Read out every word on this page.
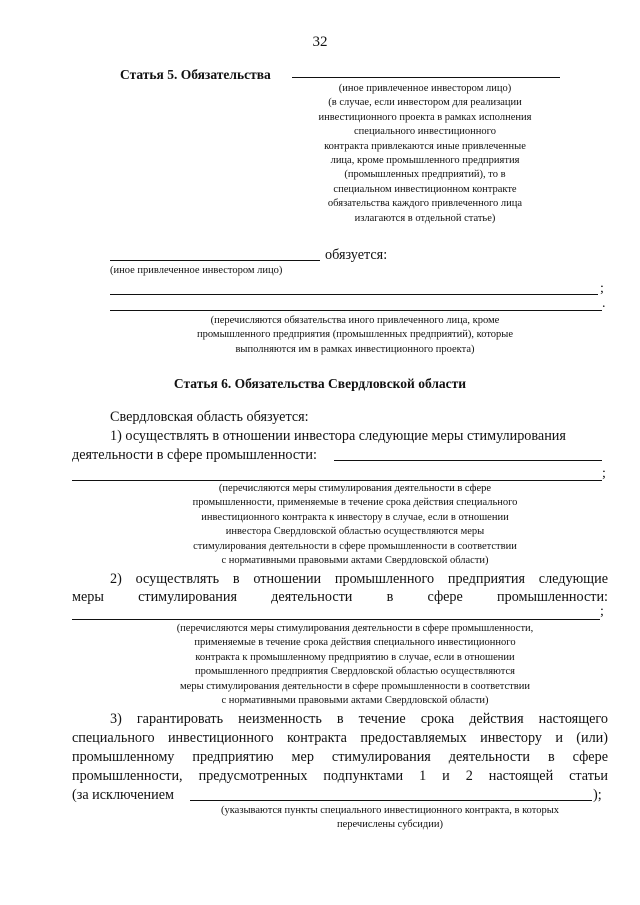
32
Статья 5. Обязательства
(иное привлеченное инвестором лицо)
(в случае, если инвестором для реализации
инвестиционного проекта в рамках исполнения
специального инвестиционного
контракта привлекаются иные привлеченные
лица, кроме промышленного предприятия
(промышленных предприятий), то в
специальном инвестиционном контракте
обязательства каждого привлеченного лица
излагаются в отдельной статье)
обязуется:
(иное привлеченное инвестором лицо)
;
.
(перечисляются обязательства иного привлеченного лица, кроме
промышленного предприятия (промышленных предприятий), которые
выполняются им в рамках инвестиционного проекта)
Статья 6. Обязательства Свердловской области
Свердловская область обязуется:
1) осуществлять в отношении инвестора следующие меры стимулирования
деятельности в сфере промышленности:
;
(перечисляются меры стимулирования деятельности в сфере
промышленности, применяемые в течение срока действия специального
инвестиционного контракта к инвестору в случае, если в отношении
инвестора Свердловской областью осуществляются меры
стимулирования деятельности в сфере промышленности в соответствии
с нормативными правовыми актами Свердловской области)
2) осуществлять в отношении промышленного предприятия следующие
меры стимулирования деятельности в сфере промышленности:
;
(перечисляются меры стимулирования деятельности в сфере промышленности,
применяемые в течение срока действия специального инвестиционного
контракта к промышленному предприятию в случае, если в отношении
промышленного предприятия Свердловской областью осуществляются
меры стимулирования деятельности в сфере промышленности в соответствии
с нормативными правовыми актами Свердловской области)
3) гарантировать неизменность в течение срока действия настоящего
специального инвестиционного контракта предоставляемых инвестору и (или)
промышленному предприятию мер стимулирования деятельности в сфере
промышленности, предусмотренных подпунктами 1 и 2 настоящей статьи
(за исключением	);
(указываются пункты специального инвестиционного контракта, в которых
перечислены субсидии)
